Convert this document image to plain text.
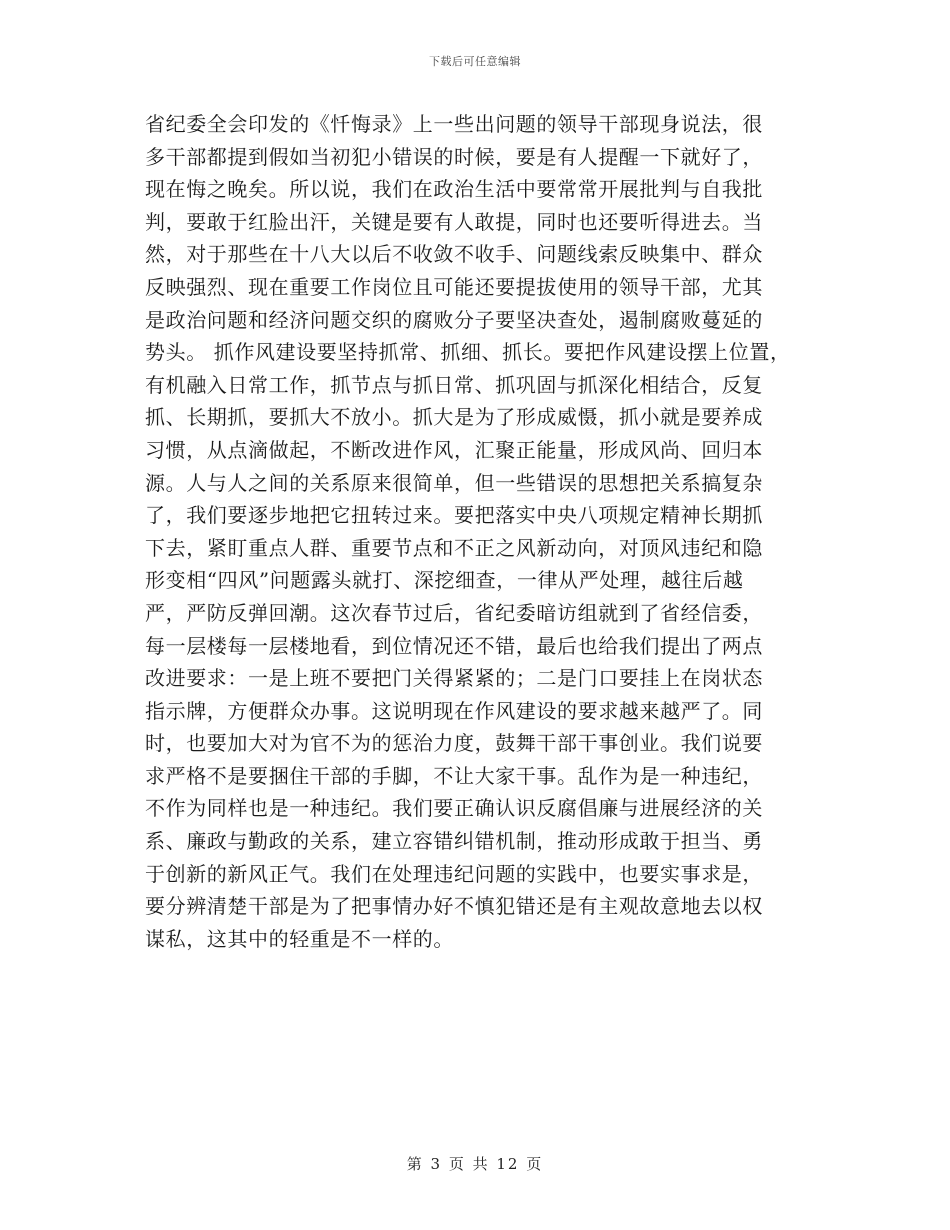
下载后可任意编辑
省纪委全会印发的《忏悔录》上一些出问题的领导干部现身说法，很
多干部都提到假如当初犯小错误的时候，要是有人提醒一下就好了，
现在悔之晚矣。所以说，我们在政治生活中要常常开展批判与自我批
判，要敢于红脸出汗，关键是要有人敢提，同时也还要听得进去。当
然，对于那些在十八大以后不收敛不收手、问题线索反映集中、群众
反映强烈、现在重要工作岗位且可能还要提拔使用的领导干部，尤其
是政治问题和经济问题交织的腐败分子要坚决查处，遏制腐败蔓延的
势头。 抓作风建设要坚持抓常、抓细、抓长。要把作风建设摆上位置，
有机融入日常工作，抓节点与抓日常、抓巩固与抓深化相结合，反复
抓、长期抓，要抓大不放小。抓大是为了形成威慑，抓小就是要养成
习惯，从点滴做起，不断改进作风，汇聚正能量，形成风尚、回归本
源。人与人之间的关系原来很简单，但一些错误的思想把关系搞复杂
了，我们要逐步地把它扭转过来。要把落实中央八项规定精神长期抓
下去，紧盯重点人群、重要节点和不正之风新动向，对顶风违纪和隐
形变相“四风”问题露头就打、深挖细查，一律从严处理，越往后越
严，严防反弹回潮。这次春节过后，省纪委暗访组就到了省经信委，
每一层楼每一层楼地看，到位情况还不错，最后也给我们提出了两点
改进要求：一是上班不要把门关得紧紧的；二是门口要挂上在岗状态
指示牌，方便群众办事。这说明现在作风建设的要求越来越严了。同
时，也要加大对为官不为的惩治力度，鼓舞干部干事创业。我们说要
求严格不是要捆住干部的手脚，不让大家干事。乱作为是一种违纪，
不作为同样也是一种违纪。我们要正确认识反腐倡廉与进展经济的关
系、廉政与勤政的关系，建立容错纠错机制，推动形成敢于担当、勇
于创新的新风正气。我们在处理违纪问题的实践中，也要实事求是，
要分辨清楚干部是为了把事情办好不慎犯错还是有主观故意地去以权
谋私，这其中的轻重是不一样的。
第 3 页 共 12 页
